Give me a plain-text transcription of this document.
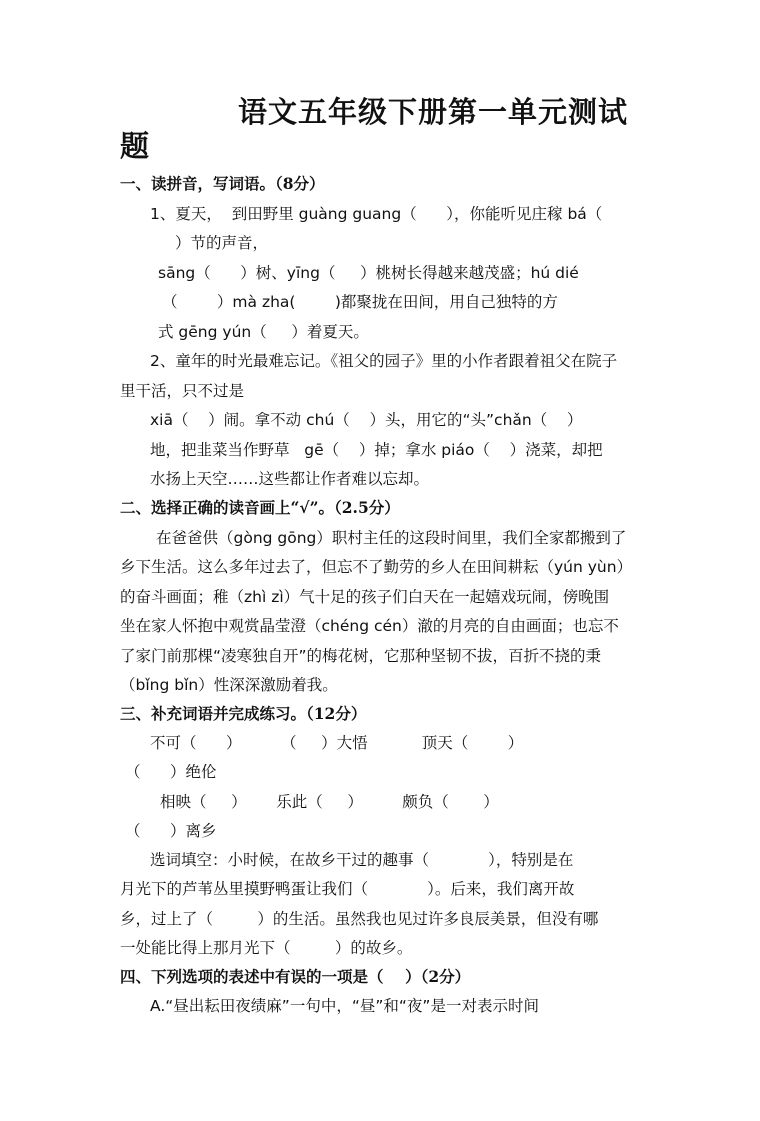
语文五年级下册第一单元测试
题
一、读拼音，写词语。（8分）
1、夏天，  到田野里 guàng guang（      ），你能听见庄稼 bá（
）节的声音，
sāng（      ）树、yīng（     ）桃树长得越来越茂盛；hú dié
（        ）mà zha(        )都聚拢在田间，用自己独特的方
式 gēng yún（     ）着夏天。
2、童年的时光最难忘记。《祖父的园子》里的小作者跟着祖父在院子
里干活，只不过是
xiā（    ）闹。拿不动 chú（    ）头，用它的“头”chǎn（    ）
地，把韭菜当作野草   gē（    ）掉；拿水 piáo（    ）浇菜，却把
水扬上天空……这些都让作者难以忘却。
二、选择正确的读音画上“√”。（2.5分）
在爸爸供（gòng gōng）职村主任的这段时间里，我们全家都搬到了
乡下生活。这么多年过去了，但忘不了勤劳的乡人在田间耕耘（yún yùn）
的奋斗画面；稚（zhì zì）气十足的孩子们白天在一起嬉戏玩闹，傍晚围
坐在家人怀抱中观赏晶莹澄（chéng cén）澈的月亮的自由画面；也忘不
了家门前那棵“凌寒独自开”的梅花树，它那种坚韧不拔，百折不挠的秉
（bǐng bǐn）性深深激励着我。
三、补充词语并完成练习。（12分）
不可（      ）        （     ）大悟           顶天（        ）
（      ）绝伦
相映（     ）      乐此（     ）        颇负（       ）
（      ）离乡
选词填空：小时候，在故乡干过的趣事（            ），特别是在
月光下的芦苇丛里摸野鸭蛋让我们（            ）。后来，我们离开故
乡，过上了（         ）的生活。虽然我也见过许多良辰美景，但没有哪
一处能比得上那月光下（         ）的故乡。
四、下列选项的表述中有误的一项是（    ）（2分）
A.“昼出耘田夜绩麻”一句中，“昼”和“夜”是一对表示时间
